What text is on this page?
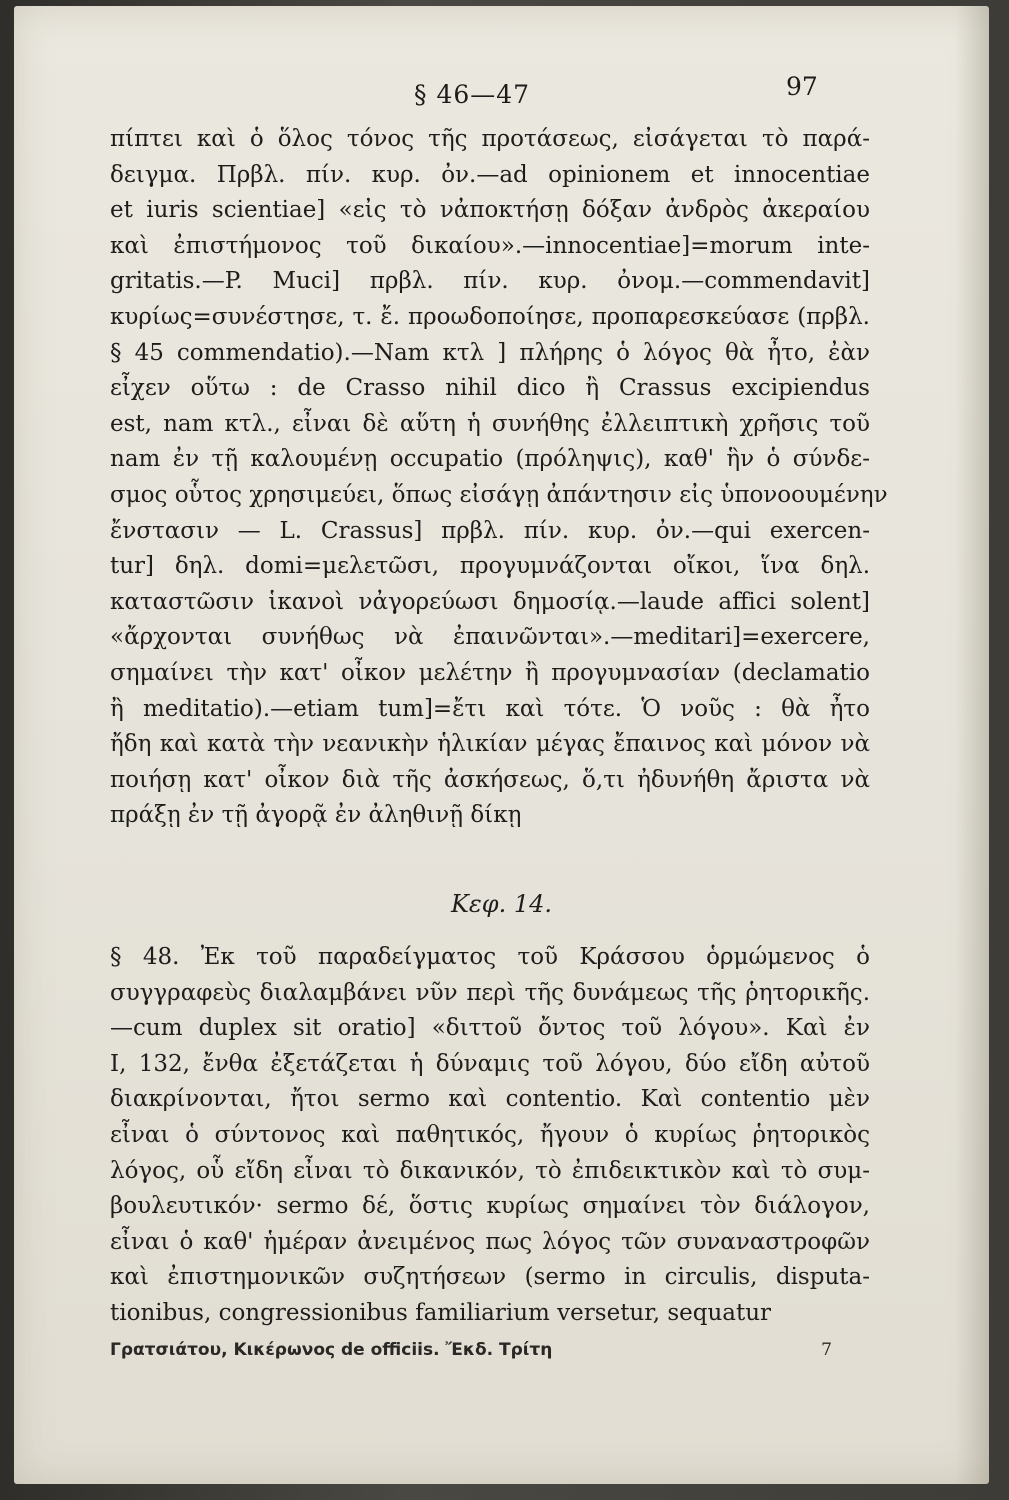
§ 46—47	97
πίπτει καὶ ὁ ὅλος τόνος τῆς προτάσεως, εἰσάγεται τὸ παρά-
δειγμα. Πρβλ. πίν. κυρ. ὀν.—ad opinionem et innocentiae
et iuris scientiae] «εἰς τὸ νἀποκτήσῃ δόξαν ἀνδρὸς ἀκεραίου
καὶ ἐπιστήμονος τοῦ δικαίου».—innocentiae]=morum inte-
gritatis.—P. Muci] πρβλ. πίν. κυρ. ὀνομ.—commendavit]
κυρίως=συνέστησε, τ. ἔ. προωδοποίησε, προπαρεσκεύασε (πρβλ.
§ 45 commendatio).—Nam κτλ ] πλήρης ὁ λόγος θὰ ἦτο, ἐὰν
εἶχεν οὕτω : de Crasso nihil dico ἢ Crassus excipiendus
est, nam κτλ., εἶναι δὲ αὕτη ἡ συνήθης ἐλλειπτικὴ χρῆσις τοῦ
nam ἐν τῇ καλουμένῃ occupatio (πρόληψις), καθ' ἣν ὁ σύνδε-
σμος οὗτος χρησιμεύει, ὅπως εἰσάγῃ ἀπάντησιν εἰς ὑπονοουμένην
ἔνστασιν — L. Crassus] πρβλ. πίν. κυρ. ὀν.—qui exercen-
tur] δηλ. domi=μελετῶσι, προγυμνάζονται οἴκοι, ἵνα δηλ.
καταστῶσιν ἱκανοὶ νἀγορεύωσι δημοσίᾳ.—laude affici solent]
«ἄρχονται συνήθως νὰ ἐπαινῶνται».—meditari]=exercere,
σημαίνει τὴν κατ' οἶκον μελέτην ἢ προγυμνασίαν (declamatio
ἢ meditatio).—etiam tum]=ἔτι καὶ τότε. Ὁ νοῦς : θὰ ἦτο
ἤδη καὶ κατὰ τὴν νεανικὴν ἡλικίαν μέγας ἔπαινος καὶ μόνον νὰ
ποιήσῃ κατ' οἶκον διὰ τῆς ἀσκήσεως, ὅ,τι ἠδυνήθη ἄριστα νὰ
πράξῃ ἐν τῇ ἀγορᾷ ἐν ἀληθινῇ δίκῃ
Κεφ. 14.
§ 48. Ἐκ τοῦ παραδείγματος τοῦ Κράσσου ὁρμώμενος ὁ
συγγραφεὺς διαλαμβάνει νῦν περὶ τῆς δυνάμεως τῆς ῥητορικῆς.
—cum duplex sit oratio] «διττοῦ ὄντος τοῦ λόγου». Καὶ ἐν
I, 132, ἔνθα ἐξετάζεται ἡ δύναμις τοῦ λόγου, δύο εἴδη αὐτοῦ
διακρίνονται, ἤτοι sermo καὶ contentio. Καὶ contentio μὲν
εἶναι ὁ σύντονος καὶ παθητικός, ἤγουν ὁ κυρίως ῥητορικὸς
λόγος, οὗ εἴδη εἶναι τὸ δικανικόν, τὸ ἐπιδεικτικὸν καὶ τὸ συμ-
βουλευτικόν· sermo δέ, ὅστις κυρίως σημαίνει τὸν διάλογον,
εἶναι ὁ καθ' ἡμέραν ἀνειμένος πως λόγος τῶν συναναστροφῶν
καὶ ἐπιστημονικῶν συζητήσεων (sermo in circulis, disputa-
tionibus, congressionibus familiarium versetur, sequatur
Γρατσιάτου, Κικέρωνος de officiis. Ἔκδ. Τρίτη	7
